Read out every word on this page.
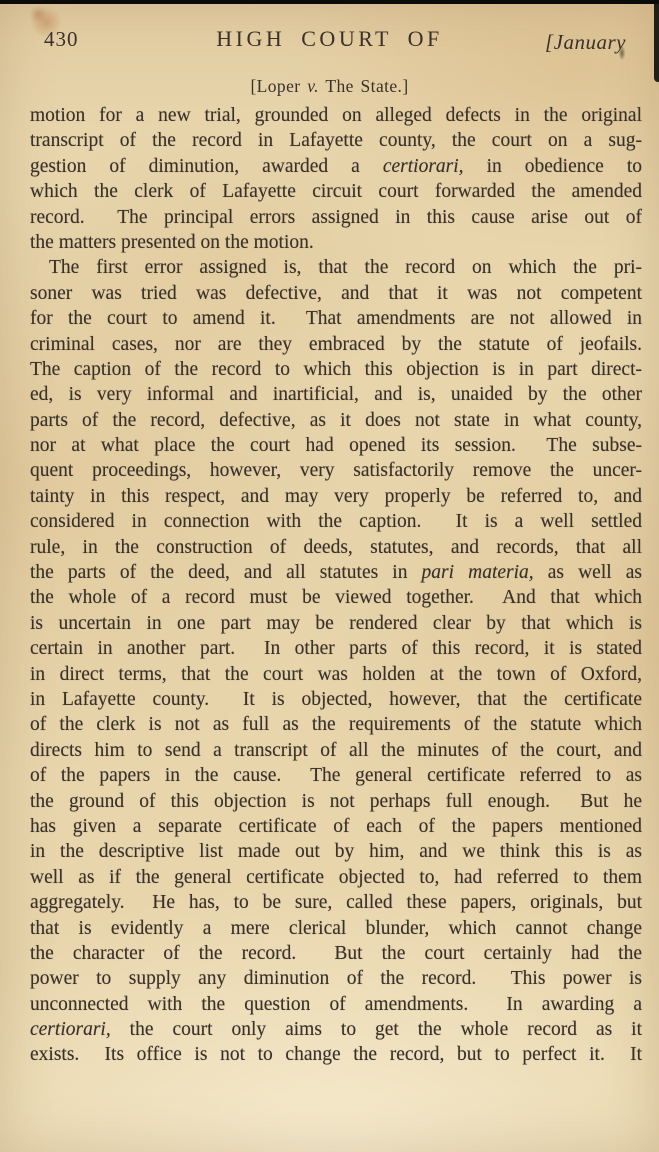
430	HIGH COURT OF	[January
[Loper v. The State.]
motion for a new trial, grounded on alleged defects in the original
transcript of the record in Lafayette county, the court on a sug-
gestion of diminution, awarded a certiorari, in obedience to
which the clerk of Lafayette circuit court forwarded the amended
record.  The principal errors assigned in this cause arise out of
the matters presented on the motion.
The first error assigned is, that the record on which the pri-
soner was tried was defective, and that it was not competent
for the court to amend it.  That amendments are not allowed in
criminal cases, nor are they embraced by the statute of jeofails.
The caption of the record to which this objection is in part direct-
ed, is very informal and inartificial, and is, unaided by the other
parts of the record, defective, as it does not state in what county,
nor at what place the court had opened its session.  The subse-
quent proceedings, however, very satisfactorily remove the uncer-
tainty in this respect, and may very properly be referred to, and
considered in connection with the caption.  It is a well settled
rule, in the construction of deeds, statutes, and records, that all
the parts of the deed, and all statutes in pari materia, as well as
the whole of a record must be viewed together.  And that which
is uncertain in one part may be rendered clear by that which is
certain in another part.  In other parts of this record, it is stated
in direct terms, that the court was holden at the town of Oxford,
in Lafayette county.  It is objected, however, that the certificate
of the clerk is not as full as the requirements of the statute which
directs him to send a transcript of all the minutes of the court, and
of the papers in the cause.  The general certificate referred to as
the ground of this objection is not perhaps full enough.  But he
has given a separate certificate of each of the papers mentioned
in the descriptive list made out by him, and we think this is as
well as if the general certificate objected to, had referred to them
aggregately.  He has, to be sure, called these papers, originals, but
that is evidently a mere clerical blunder, which cannot change
the character of the record.  But the court certainly had the
power to supply any diminution of the record.  This power is
unconnected with the question of amendments.  In awarding a
certiorari, the court only aims to get the whole record as it
exists.  Its office is not to change the record, but to perfect it.  It
